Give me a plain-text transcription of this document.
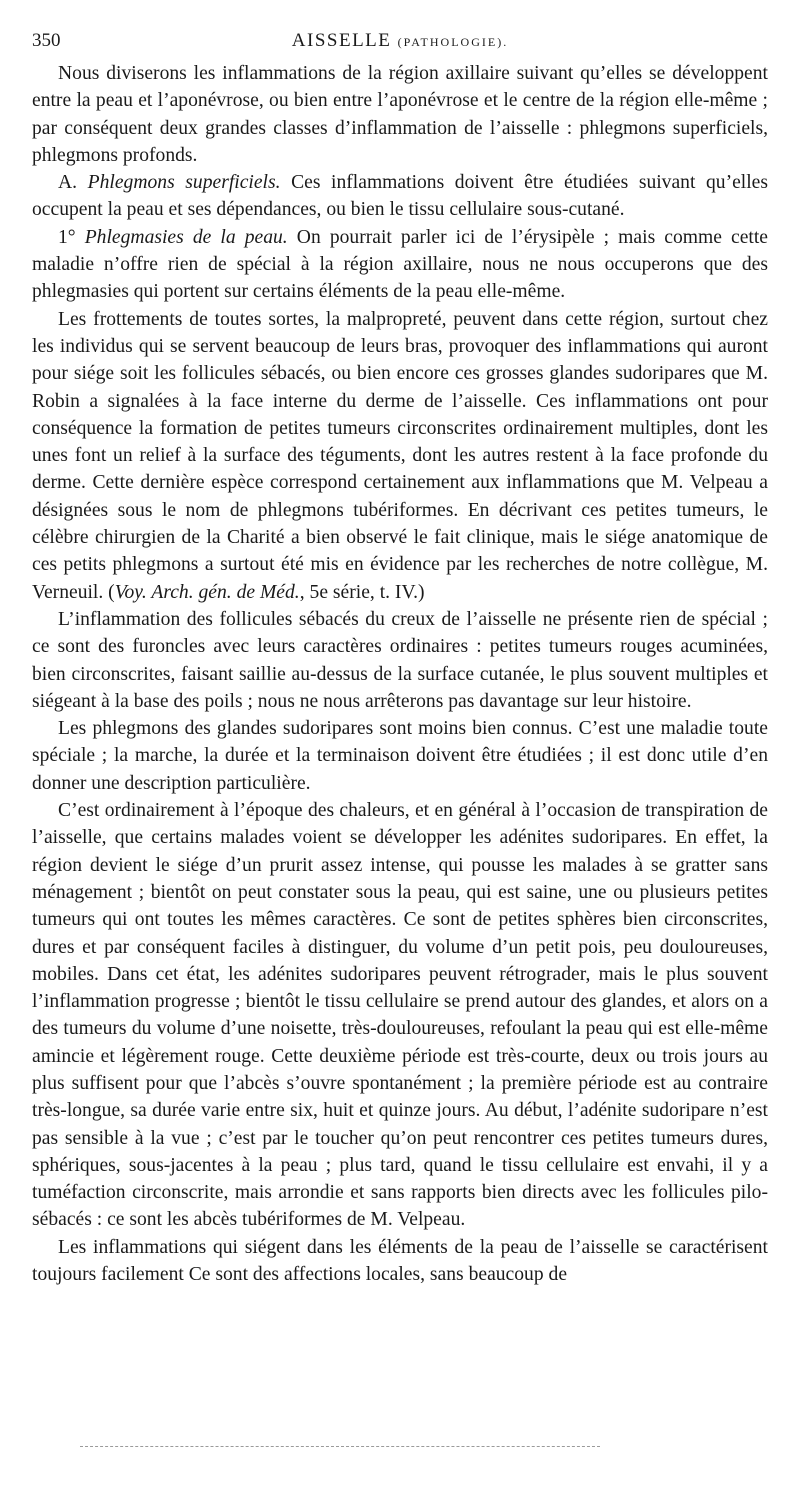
350	AISSELLE (PATHOLOGIE).

Nous diviserons les inflammations de la région axillaire suivant qu’elles se développent entre la peau et l’aponévrose, ou bien entre l’aponévrose et le centre de la région elle-même ; par conséquent deux grandes classes d’inflammation de l’aisselle : phlegmons superficiels, phlegmons profonds.

A. Phlegmons superficiels. Ces inflammations doivent être étudiées suivant qu’elles occupent la peau et ses dépendances, ou bien le tissu cellulaire sous-cutané.

1° Phlegmasies de la peau. On pourrait parler ici de l’érysipèle ; mais comme cette maladie n’offre rien de spécial à la région axillaire, nous ne nous occuperons que des phlegmasies qui portent sur certains éléments de la peau elle-même.

Les frottements de toutes sortes, la malpropreté, peuvent dans cette région, surtout chez les individus qui se servent beaucoup de leurs bras, provoquer des inflammations qui auront pour siége soit les follicules sébacés, ou bien encore ces grosses glandes sudoripares que M. Robin a signalées à la face interne du derme de l’aisselle. Ces inflammations ont pour conséquence la formation de petites tumeurs circonscrites ordinairement multiples, dont les unes font un relief à la surface des téguments, dont les autres restent à la face profonde du derme. Cette dernière espèce correspond certainement aux inflammations que M. Velpeau a désignées sous le nom de phlegmons tubériformes. En décrivant ces petites tumeurs, le célèbre chirurgien de la Charité a bien observé le fait clinique, mais le siége anatomique de ces petits phlegmons a surtout été mis en évidence par les recherches de notre collègue, M. Verneuil. (Voy. Arch. gén. de Méd., 5e série, t. IV.)

L’inflammation des follicules sébacés du creux de l’aisselle ne présente rien de spécial ; ce sont des furoncles avec leurs caractères ordinaires : petites tumeurs rouges acuminées, bien circonscrites, faisant saillie au-dessus de la surface cutanée, le plus souvent multiples et siégeant à la base des poils ; nous ne nous arrêterons pas davantage sur leur histoire.

Les phlegmons des glandes sudoripares sont moins bien connus. C’est une maladie toute spéciale ; la marche, la durée et la terminaison doivent être étudiées ; il est donc utile d’en donner une description particulière.

C’est ordinairement à l’époque des chaleurs, et en général à l’occasion de transpiration de l’aisselle, que certains malades voient se développer les adénites sudoripares. En effet, la région devient le siége d’un prurit assez intense, qui pousse les malades à se gratter sans ménagement ; bientôt on peut constater sous la peau, qui est saine, une ou plusieurs petites tumeurs qui ont toutes les mêmes caractères. Ce sont de petites sphères bien circonscrites, dures et par conséquent faciles à distinguer, du volume d’un petit pois, peu douloureuses, mobiles. Dans cet état, les adénites sudoripares peuvent rétrograder, mais le plus souvent l’inflammation progresse ; bientôt le tissu cellulaire se prend autour des glandes, et alors on a des tumeurs du volume d’une noisette, très-douloureuses, refoulant la peau qui est elle-même amincie et légèrement rouge. Cette deuxième période est très-courte, deux ou trois jours au plus suffisent pour que l’abcès s’ouvre spontanément ; la première période est au contraire très-longue, sa durée varie entre six, huit et quinze jours. Au début, l’adénite sudoripare n’est pas sensible à la vue ; c’est par le toucher qu’on peut rencontrer ces petites tumeurs dures, sphériques, sous-jacentes à la peau ; plus tard, quand le tissu cellulaire est envahi, il y a tuméfaction circonscrite, mais arrondie et sans rapports bien directs avec les follicules pilo-sébacés : ce sont les abcès tubériformes de M. Velpeau.

Les inflammations qui siégent dans les éléments de la peau de l’aisselle se caractérisent toujours facilement Ce sont des affections locales, sans beaucoup de
